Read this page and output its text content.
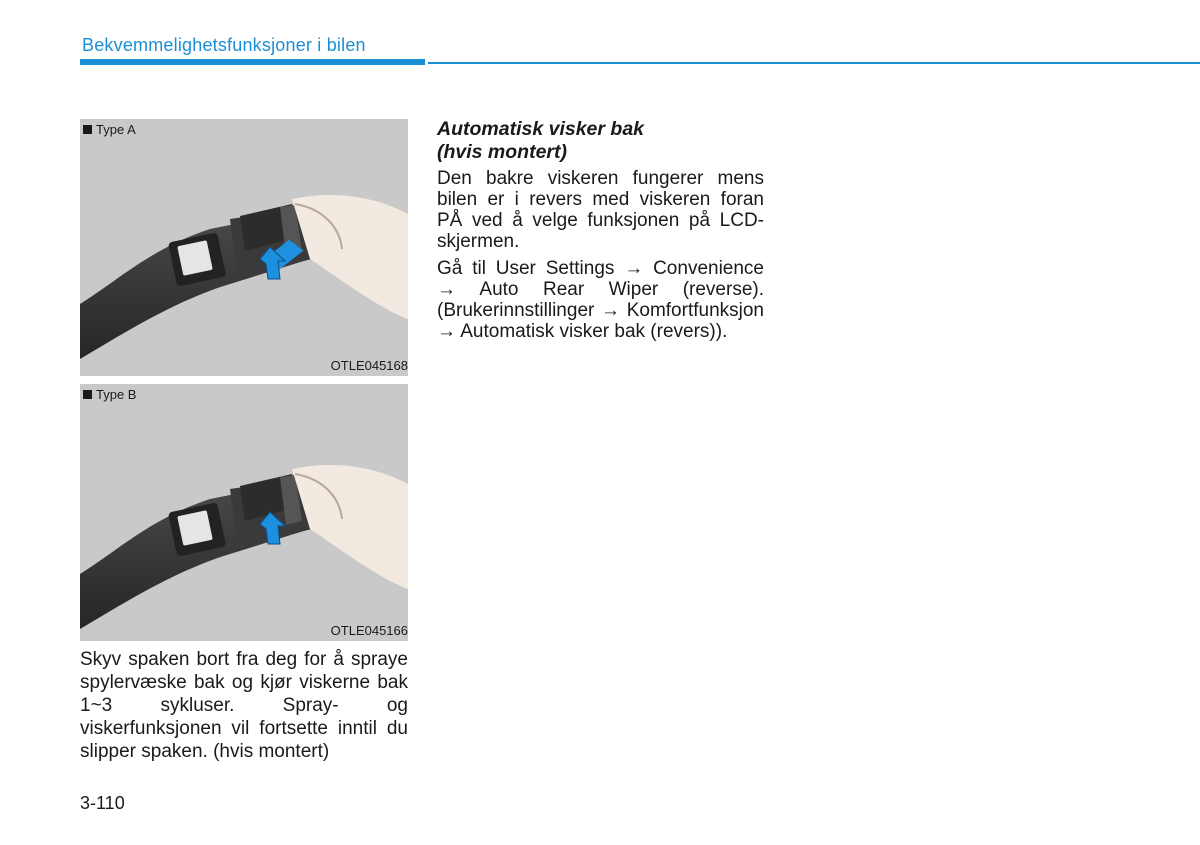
Bekvemmelighetsfunksjoner i bilen
Type A
OTLE045168
Type B
OTLE045166
Skyv spaken bort fra deg for å spraye spylervæske bak og kjør viskerne bak 1~3 sykluser. Spray- og viskerfunksjonen vil fortsette inntil du slipper spaken. (hvis montert)
Automatisk visker bak
(hvis montert)
Den bakre viskeren fungerer mens bilen er i revers med viskeren foran PÅ ved å velge funksjonen på LCD-skjermen.
Gå til User Settings → Convenience → Auto Rear Wiper (reverse). (Brukerinnstillinger → Komfortfunksjon → Automatisk visker bak (revers)).
3-110
